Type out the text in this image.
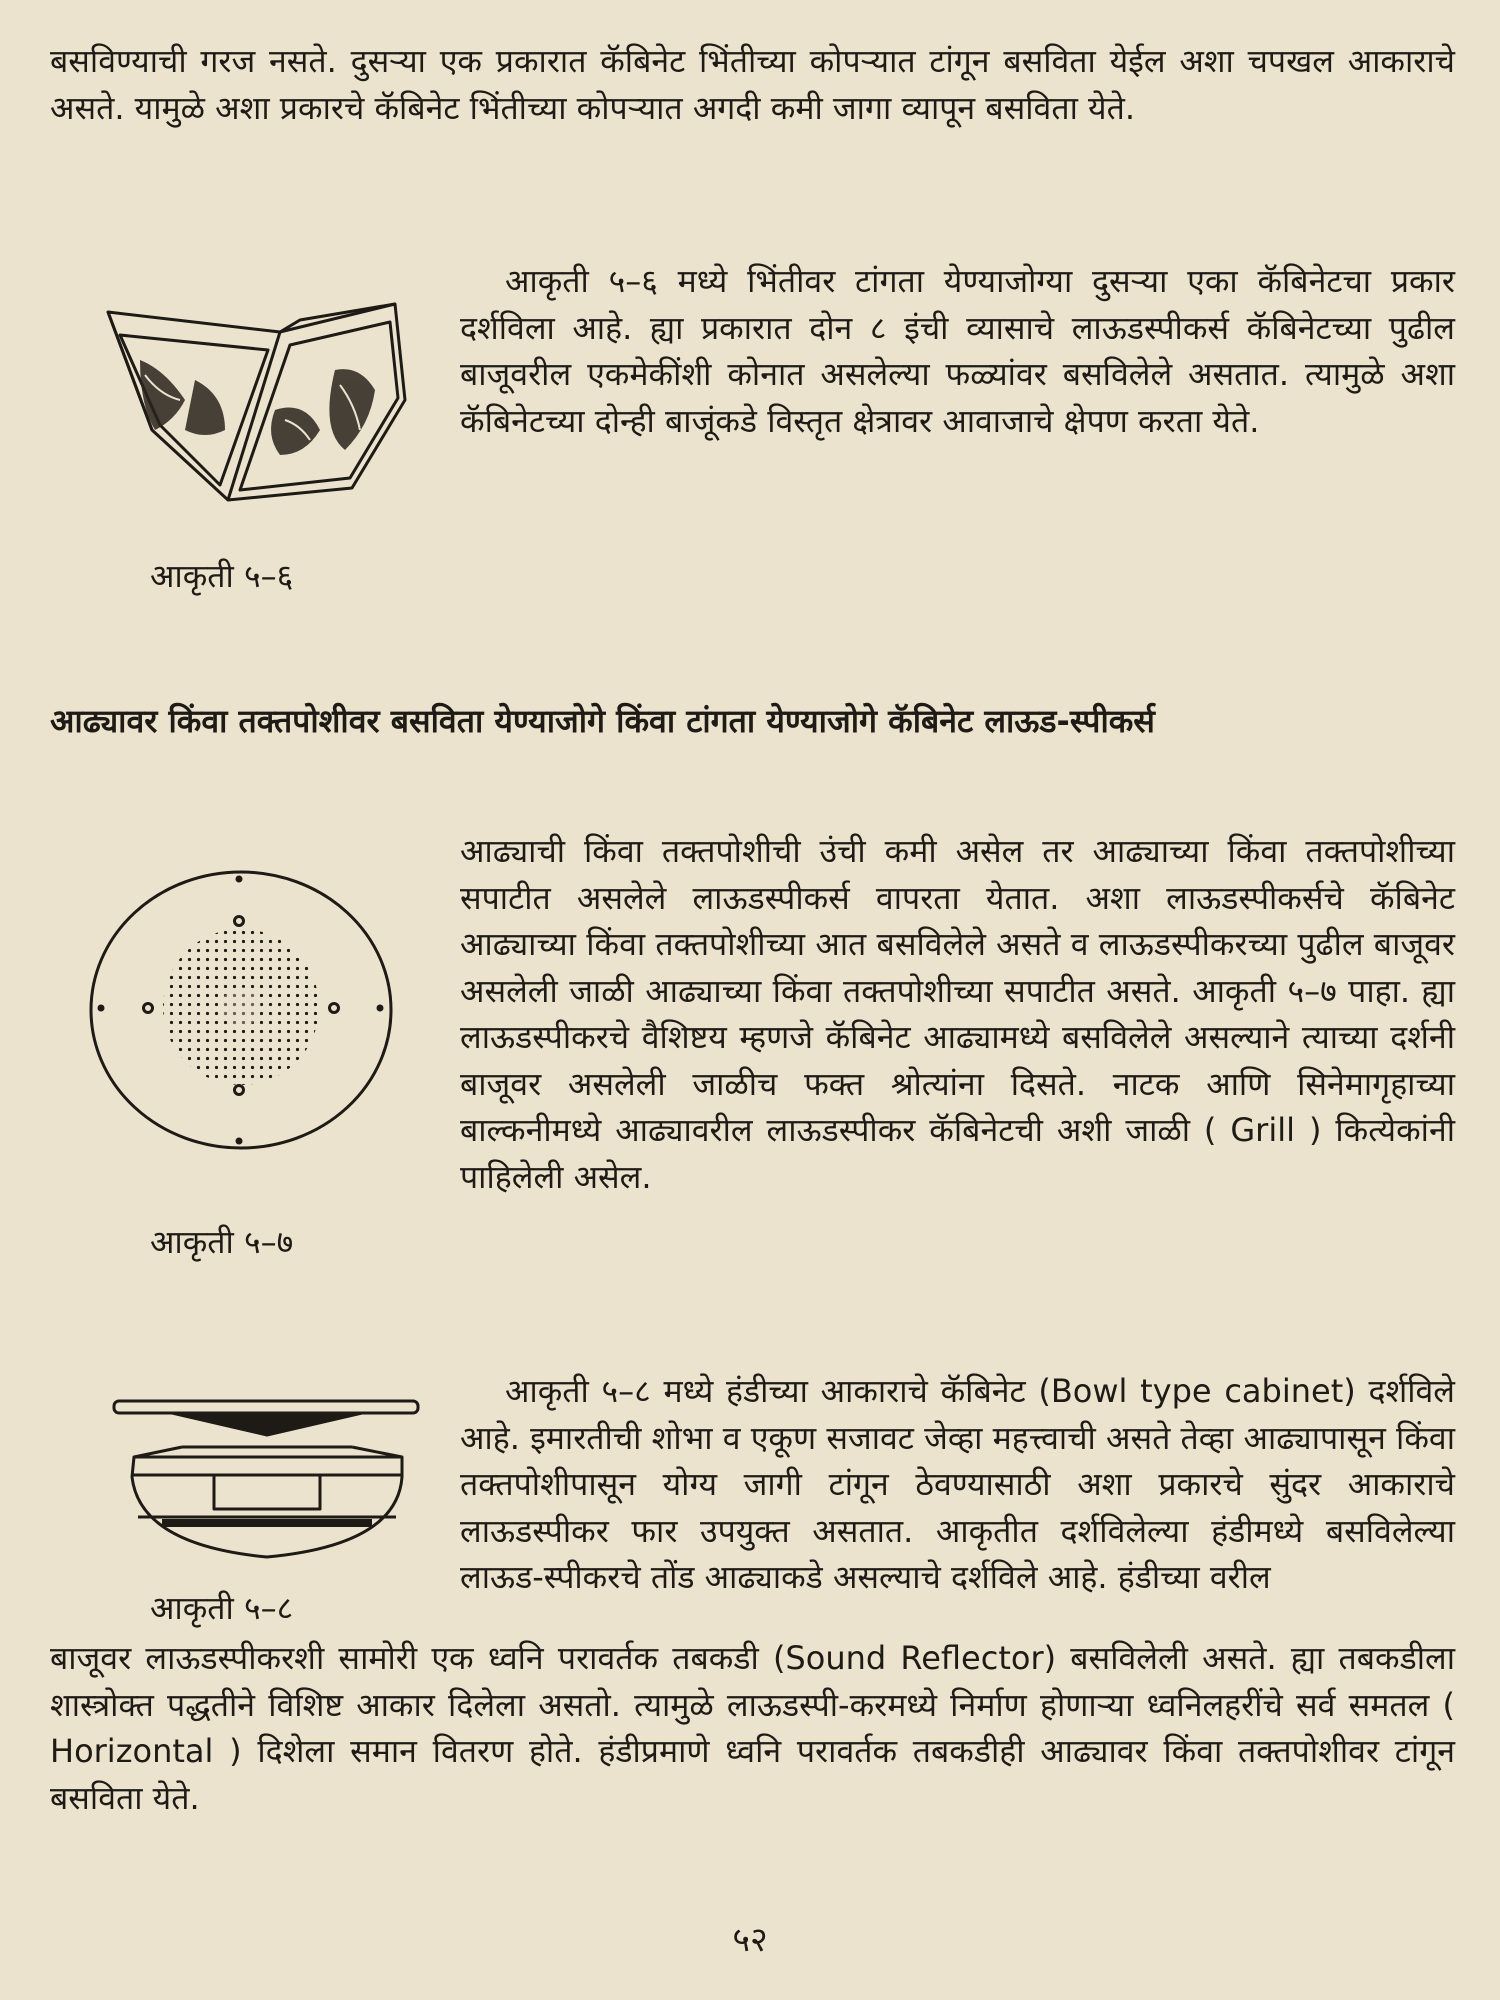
बसविण्याची गरज नसते. दुसऱ्या एक प्रकारात कॅबिनेट भिंतीच्या कोपऱ्यात टांगून बसविता येईल अशा चपखल आकाराचे असते. यामुळे अशा प्रकारचे कॅबिनेट भिंतीच्या कोपऱ्यात अगदी कमी जागा व्यापून बसविता येते.

आकृती ५–६ मध्ये भिंतीवर टांगता येण्याजोग्या दुसऱ्या एका कॅबिनेटचा प्रकार दर्शविला आहे. ह्या प्रकारात दोन ८ इंची व्यासाचे लाऊडस्पीकर्स कॅबिनेटच्या पुढील बाजूवरील एकमेकींशी कोनात असलेल्या फळ्यांवर बसविलेले असतात. त्यामुळे अशा कॅबिनेटच्या दोन्ही बाजूंकडे विस्तृत क्षेत्रावर आवाजाचे क्षेपण करता येते.

आकृती ५–६

आढ्यावर किंवा तक्तपोशीवर बसविता येण्याजोगे किंवा टांगता येण्याजोगे कॅबिनेट लाऊड-स्पीकर्स

आढ्याची किंवा तक्तपोशीची उंची कमी असेल तर आढ्याच्या किंवा तक्तपोशीच्या सपाटीत असलेले लाऊडस्पीकर्स वापरता येतात. अशा लाऊडस्पीकर्सचे कॅबिनेट आढ्याच्या किंवा तक्तपोशीच्या आत बसविलेले असते व लाऊडस्पीकरच्या पुढील बाजूवर असलेली जाळी आढ्याच्या किंवा तक्तपोशीच्या सपाटीत असते. आकृती ५–७ पाहा. ह्या लाऊडस्पीकरचे वैशिष्टय म्हणजे कॅबिनेट आढ्यामध्ये बसविलेले असल्याने त्याच्या दर्शनी बाजूवर असलेली जाळीच फक्त श्रोत्यांना दिसते. नाटक आणि सिनेमागृहाच्या बाल्कनीमध्ये आढ्यावरील लाऊडस्पीकर कॅबिनेटची अशी जाळी ( Grill ) कित्येकांनी पाहिलेली असेल.

आकृती ५–७

आकृती ५–८ मध्ये हंडीच्या आकाराचे कॅबिनेट (Bowl type cabinet) दर्शविले आहे. इमारतीची शोभा व एकूण सजावट जेव्हा महत्त्वाची असते तेव्हा आढ्यापासून किंवा तक्तपोशीपासून योग्य जागी टांगून ठेवण्यासाठी अशा प्रकारचे सुंदर आकाराचे लाऊडस्पीकर फार उपयुक्त असतात. आकृतीत दर्शविलेल्या हंडीमध्ये बसविलेल्या लाऊड-स्पीकरचे तोंड आढ्याकडे असल्याचे दर्शविले आहे. हंडीच्या वरील

आकृती ५–८

बाजूवर लाऊडस्पीकरशी सामोरी एक ध्वनि परावर्तक तबकडी (Sound Reflector) बसविलेली असते. ह्या तबकडीला शास्त्रोक्त पद्धतीने विशिष्ट आकार दिलेला असतो. त्यामुळे लाऊडस्पी-करमध्ये निर्माण होणाऱ्या ध्वनिलहरींचे सर्व समतल ( Horizontal ) दिशेला समान वितरण होते. हंडीप्रमाणे ध्वनि परावर्तक तबकडीही आढ्यावर किंवा तक्तपोशीवर टांगून बसविता येते.

५२
